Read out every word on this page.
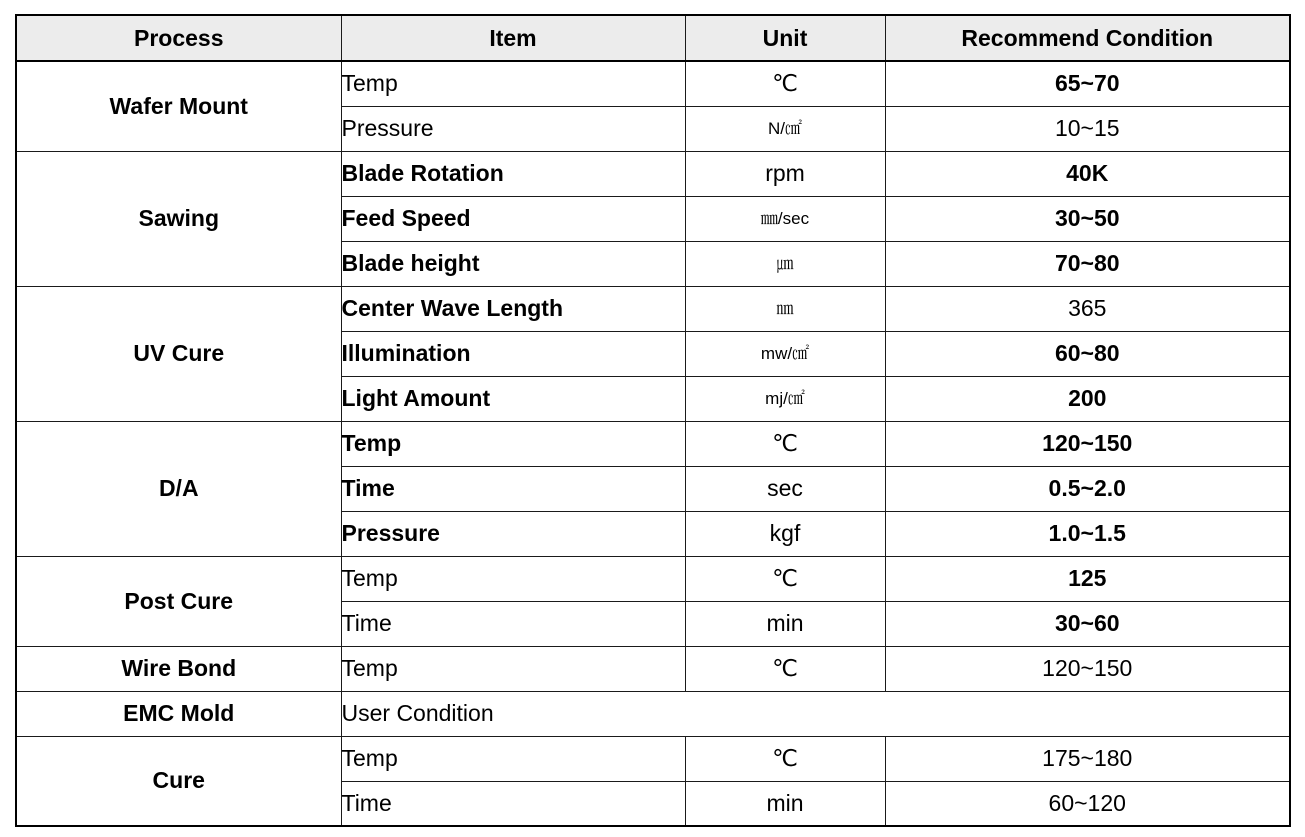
Process	Item	Unit	Recommend Condition
Wafer Mount	Temp	℃	65~70
	Pressure	N/㎠	10~15
Sawing	Blade Rotation	rpm	40K
	Feed Speed	㎜/sec	30~50
	Blade height	㎛	70~80
UV Cure	Center Wave Length	㎚	365
	Illumination	mw/㎠	60~80
	Light Amount	mj/㎠	200
D/A	Temp	℃	120~150
	Time	sec	0.5~2.0
	Pressure	kgf	1.0~1.5
Post Cure	Temp	℃	125
	Time	min	30~60
Wire Bond	Temp	℃	120~150
EMC Mold	User Condition		
Cure	Temp	℃	175~180
	Time	min	60~120
